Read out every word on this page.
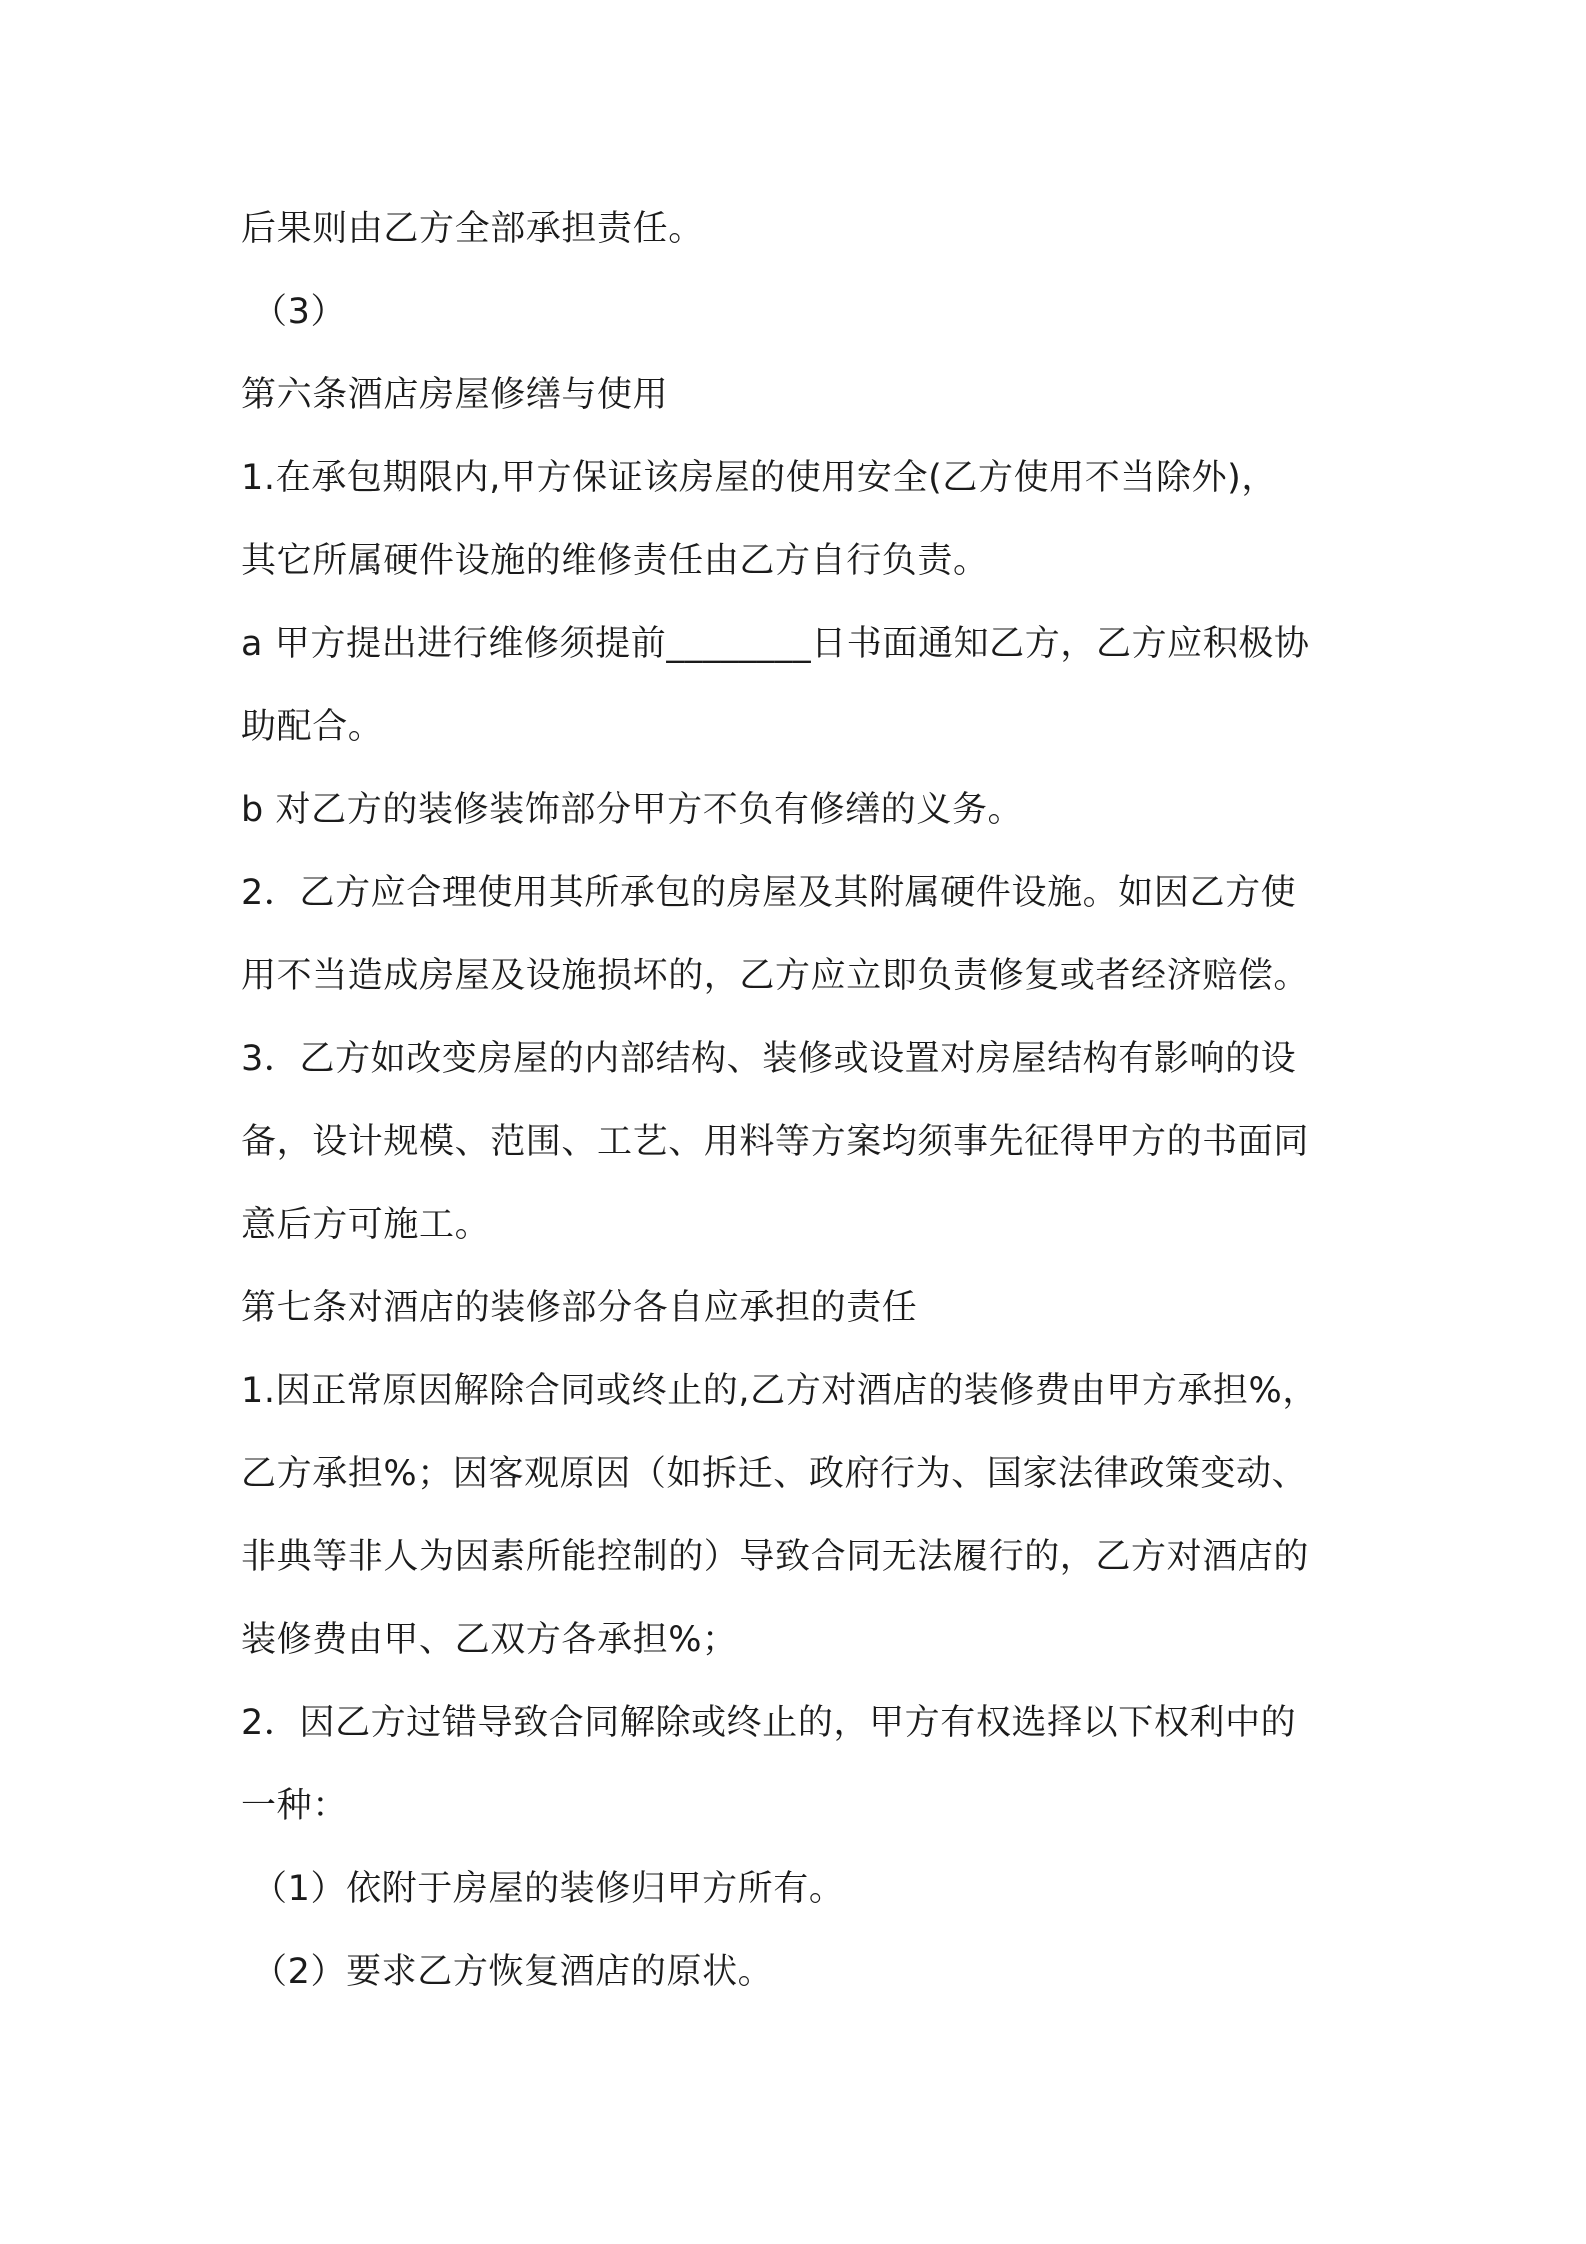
后果则由乙方全部承担责任。
（3）
第六条酒店房屋修缮与使用
1.在承包期限内,甲方保证该房屋的使用安全(乙方使用不当除外)，
其它所属硬件设施的维修责任由乙方自行负责。
a 甲方提出进行维修须提前________日书面通知乙方，乙方应积极协
助配合。
b 对乙方的装修装饰部分甲方不负有修缮的义务。
2．乙方应合理使用其所承包的房屋及其附属硬件设施。如因乙方使
用不当造成房屋及设施损坏的，乙方应立即负责修复或者经济赔偿。
3．乙方如改变房屋的内部结构、装修或设置对房屋结构有影响的设
备，设计规模、范围、工艺、用料等方案均须事先征得甲方的书面同
意后方可施工。
第七条对酒店的装修部分各自应承担的责任
1.因正常原因解除合同或终止的,乙方对酒店的装修费由甲方承担%，
乙方承担%；因客观原因（如拆迁、政府行为、国家法律政策变动、
非典等非人为因素所能控制的）导致合同无法履行的，乙方对酒店的
装修费由甲、乙双方各承担%；
2．因乙方过错导致合同解除或终止的，甲方有权选择以下权利中的
一种：
（1）依附于房屋的装修归甲方所有。
（2）要求乙方恢复酒店的原状。
